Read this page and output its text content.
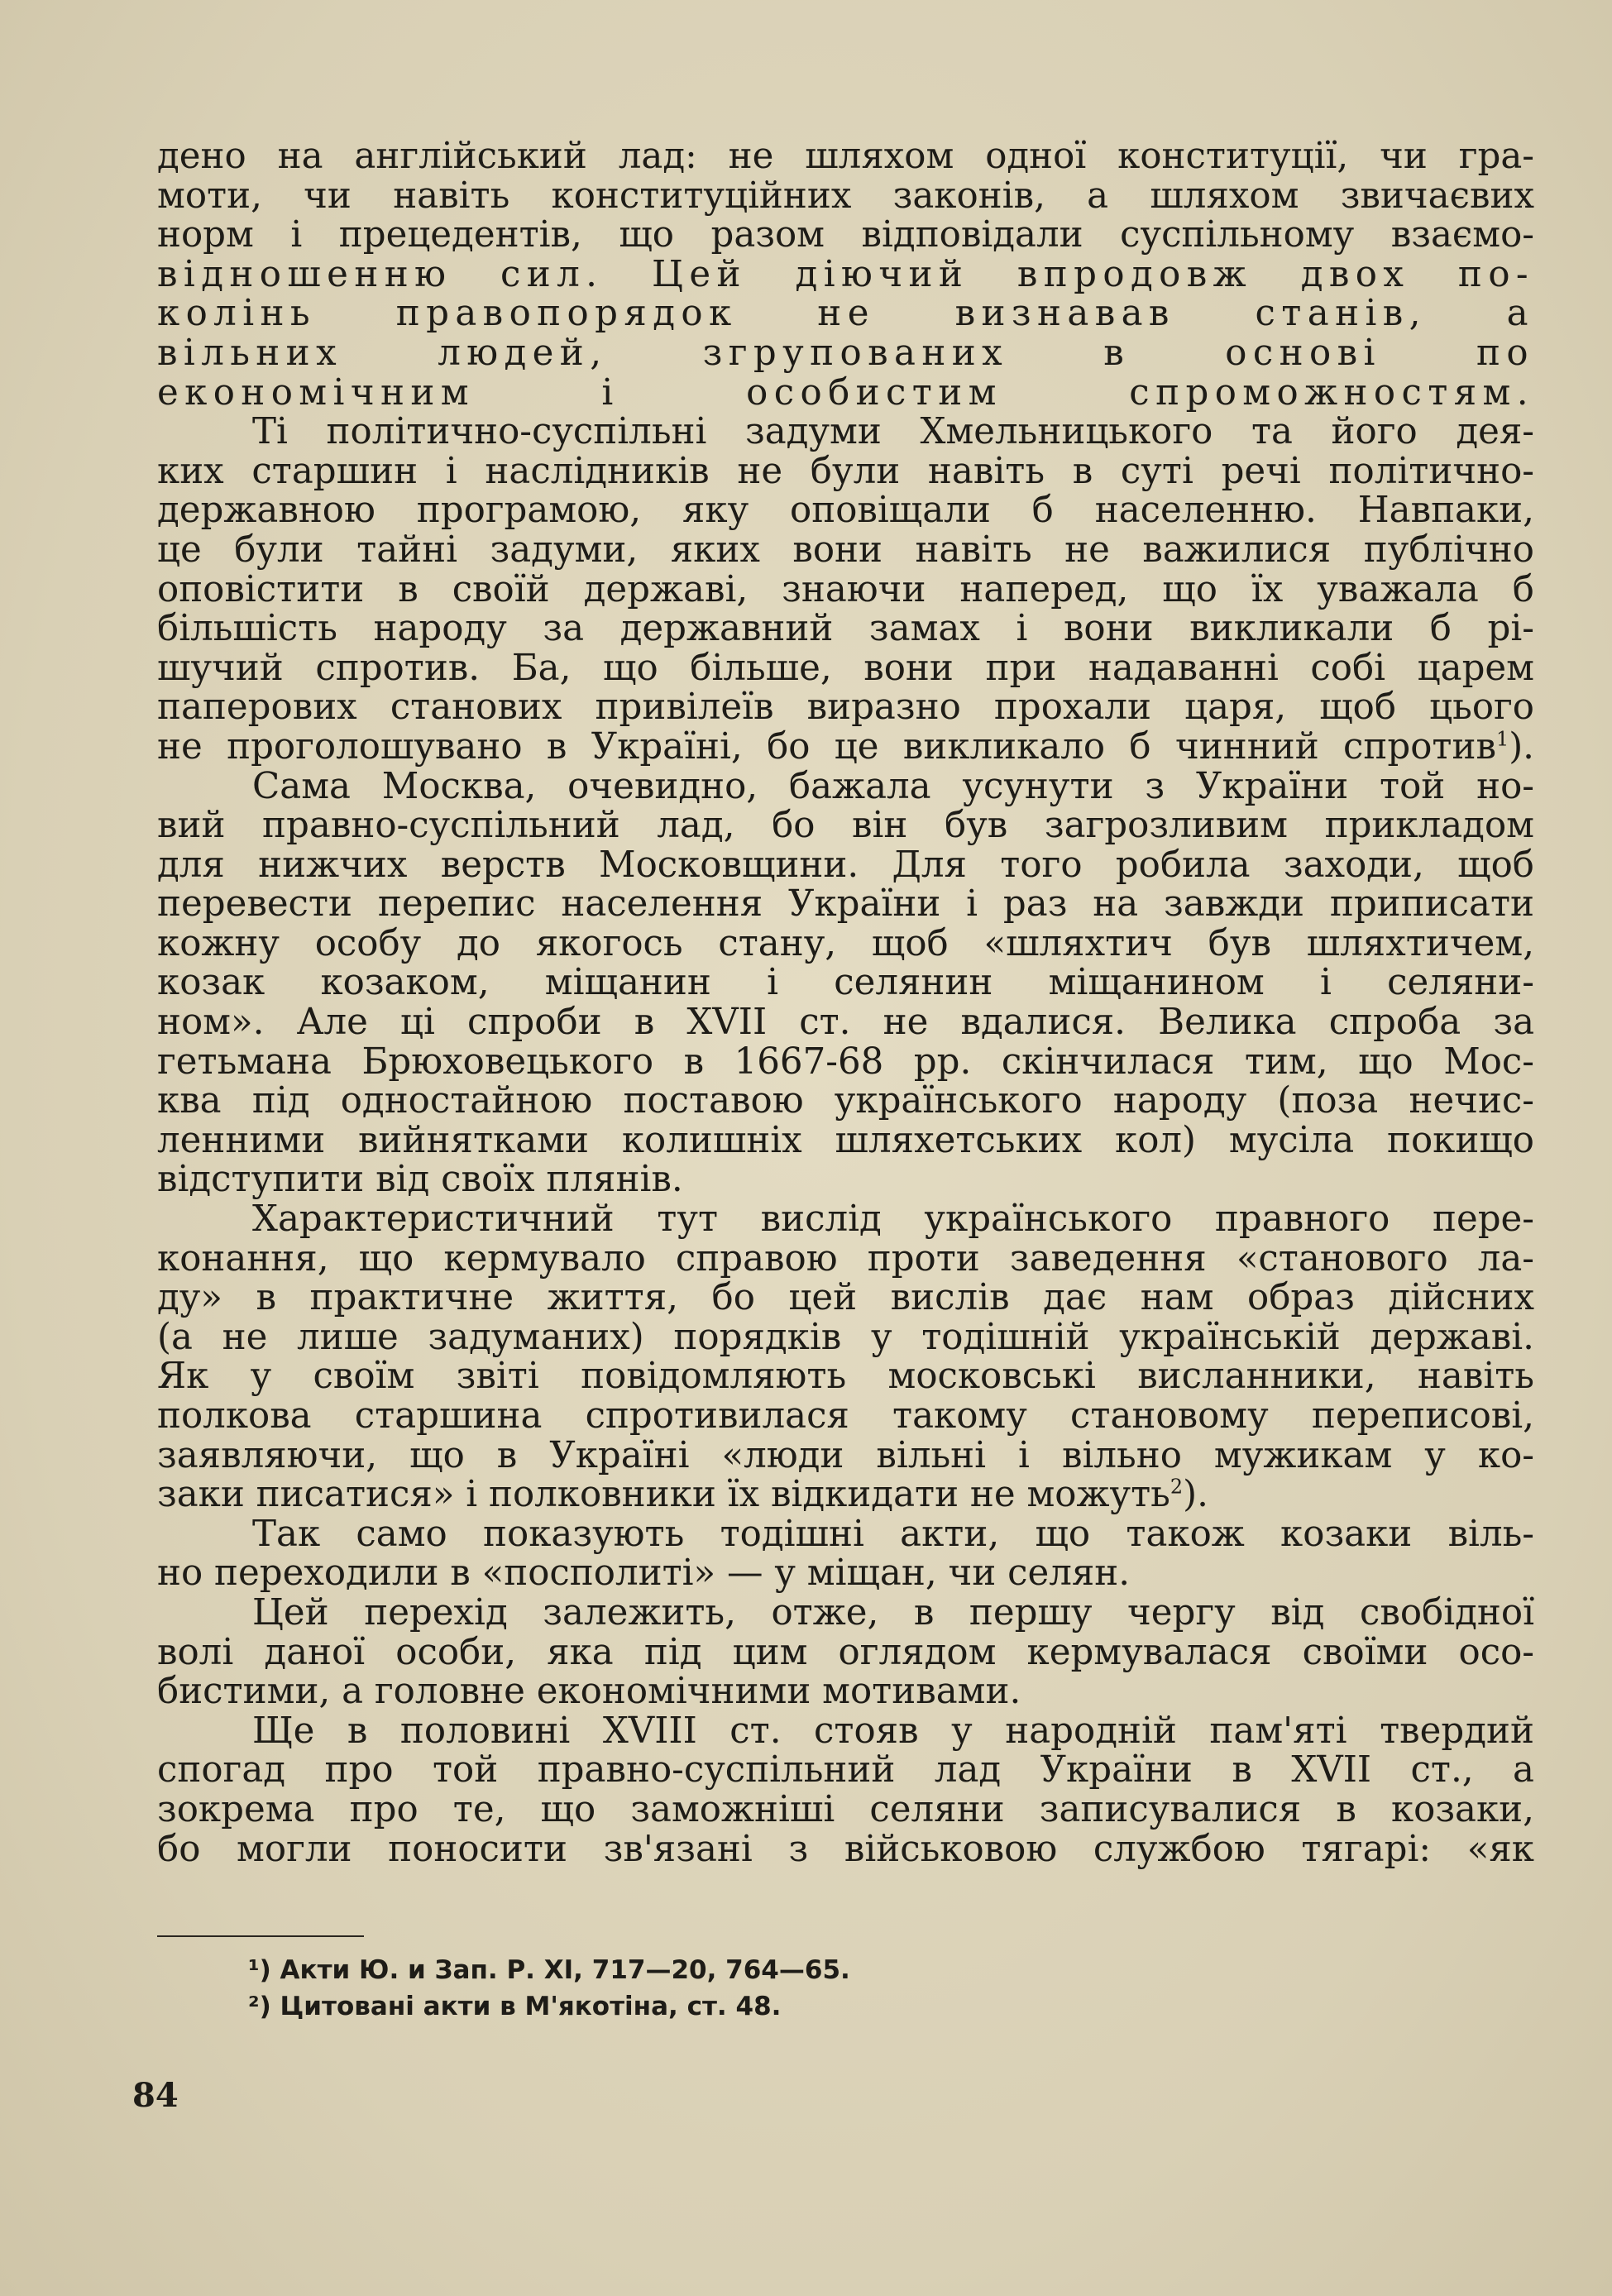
дено на англійський лад: не шляхом одної конституції, чи гра-
моти, чи навіть конституційних законів, а шляхом звичаєвих
норм і прецедентів, що разом відповідали суспільному взаємо-
відношенню сил. Цей діючий впродовж двох по-
колінь правопорядок не визнавав станів, а
вільних людей, згрупованих в основі по
економічним і особистим спроможностям.

Ті політично-суспільні задуми Хмельницького та його дея-
ких старшин і наслідників не були навіть в суті речі політично-
державною програмою, яку оповіщали б населенню. Навпаки,
це були тайні задуми, яких вони навіть не важилися публічно
оповістити в своїй державі, знаючи наперед, що їх уважала б
більшість народу за державний замах і вони викликали б рі-
шучий спротив. Ба, що більше, вони при надаванні собі царем
паперових станових привілеїв виразно прохали царя, щоб цього
не проголошувано в Україні, бо це викликало б чинний спротив$^1$).

Сама Москва, очевидно, бажала усунути з України той но-
вий правно-суспільний лад, бо він був загрозливим прикладом
для нижчих верств Московщини. Для того робила заходи, щоб
перевести перепис населення України і раз на завжди приписати
кожну особу до якогось стану, щоб «шляхтич був шляхтичем,
козак козаком, міщанин і селянин міщанином і селяни-
ном». Але ці спроби в XVII ст. не вдалися. Велика спроба за
гетьмана Брюховецького в 1667-68 рр. скінчилася тим, що Мос-
ква під одностайною поставою українського народу (поза нечис-
ленними вийнятками колишніх шляхетських кол) мусіла покищо
відступити від своїх плянів.

Характеристичний тут вислід українського правного пере-
конання, що кермувало справою проти заведення «станового ла-
ду» в практичне життя, бо цей вислів дає нам образ дійсних
(а не лише задуманих) порядків у тодішній українській державі.
Як у своїм звіті повідомляють московські висланники, навіть
полкова старшина спротивилася такому становому переписові,
заявляючи, що в Україні «люди вільні і вільно мужикам у ко-
заки писатися» і полковники їх відкидати не можуть$^2$).

Так само показують тодішні акти, що також козаки віль-
но переходили в «посполиті» — у міщан, чи селян.

Цей перехід залежить, отже, в першу чергу від свобідної
волі даної особи, яка під цим оглядом кермувалася своїми осо-
бистими, а головне економічними мотивами.

Ще в половині XVIII ст. стояв у народній пам'яті твердий
спогад про той правно-суспільний лад України в XVII ст., а
зокрема про те, що заможніші селяни записувалися в козаки,
бо могли поносити зв'язані з військовою службою тягарі: «як

¹) Акти Ю. и Зап. Р. XI, 717—20, 764—65.
²) Цитовані акти в М'якотіна, ст. 48.
84
